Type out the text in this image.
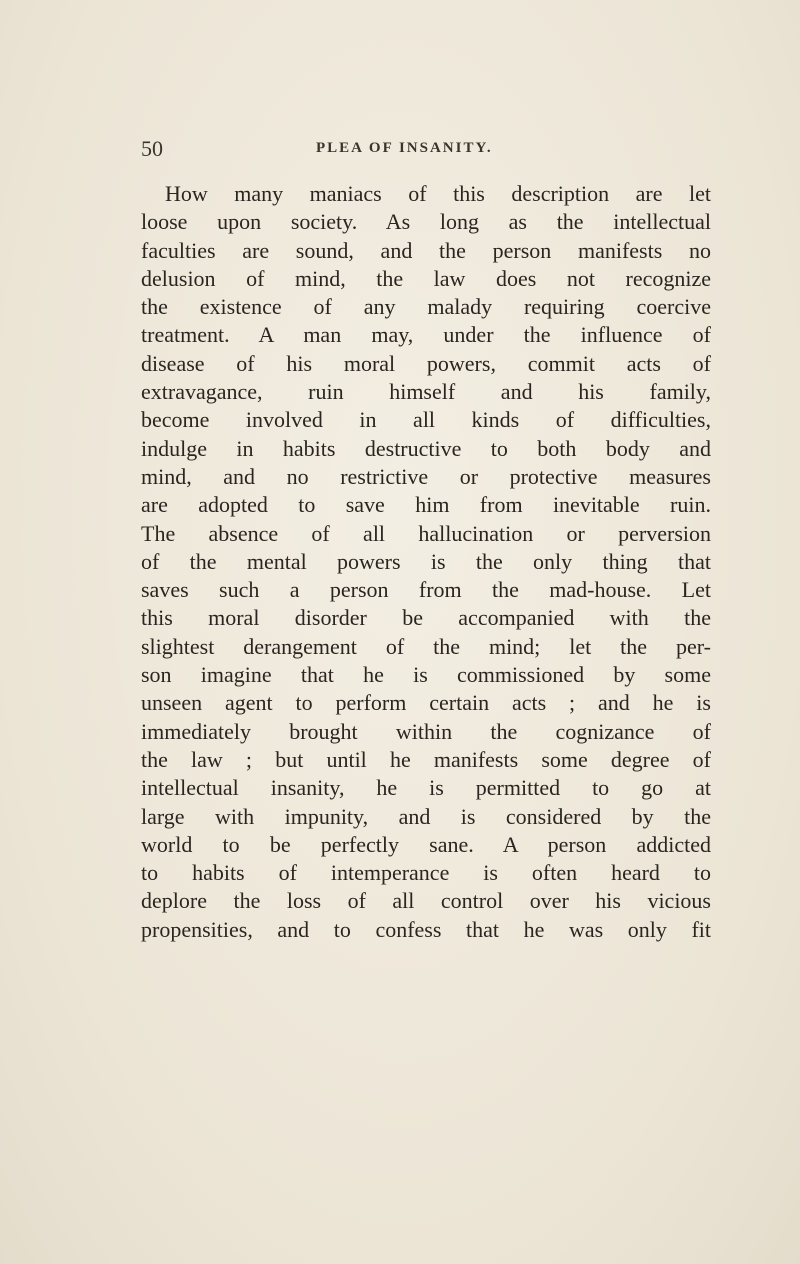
50	PLEA OF INSANITY.
How many maniacs of this description are let
loose upon society. As long as the intellectual
faculties are sound, and the person manifests no
delusion of mind, the law does not recognize
the existence of any malady requiring coercive
treatment. A man may, under the influence of
disease of his moral powers, commit acts of
extravagance, ruin himself and his family,
become involved in all kinds of difficulties,
indulge in habits destructive to both body and
mind, and no restrictive or protective measures
are adopted to save him from inevitable ruin.
The absence of all hallucination or perversion
of the mental powers is the only thing that
saves such a person from the mad-house. Let
this moral disorder be accompanied with the
slightest derangement of the mind; let the per-
son imagine that he is commissioned by some
unseen agent to perform certain acts ; and he is
immediately brought within the cognizance of
the law ; but until he manifests some degree of
intellectual insanity, he is permitted to go at
large with impunity, and is considered by the
world to be perfectly sane. A person addicted
to habits of intemperance is often heard to
deplore the loss of all control over his vicious
propensities, and to confess that he was only fit
